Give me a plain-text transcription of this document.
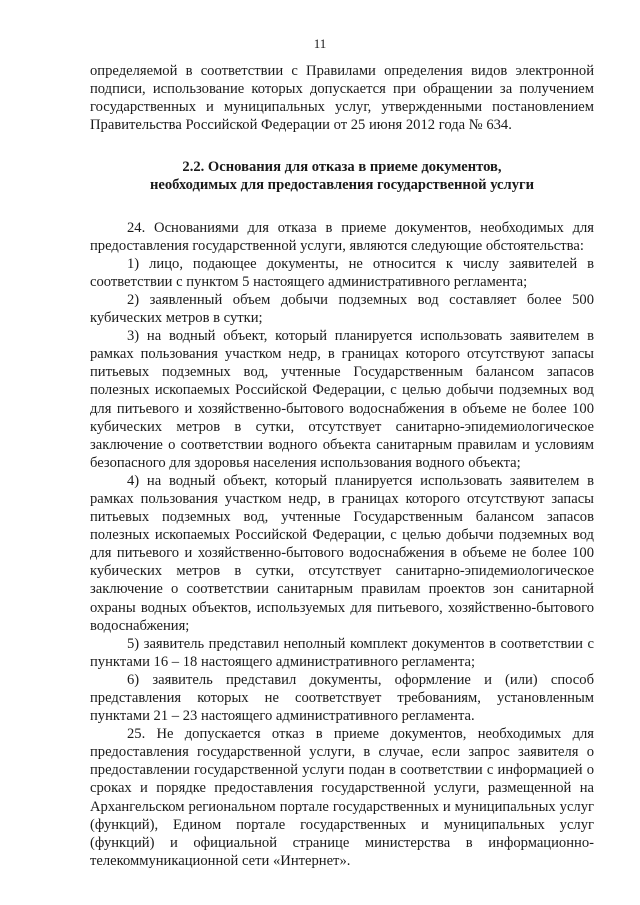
11

определяемой в соответствии с Правилами определения видов электронной подписи, использование которых допускается при обращении за получением государственных и муниципальных услуг, утвержденными постановлением Правительства Российской Федерации от 25 июня 2012 года № 634.

2.2. Основания для отказа в приеме документов,
необходимых для предоставления государственной услуги

24. Основаниями для отказа в приеме документов, необходимых для предоставления государственной услуги, являются следующие обстоятельства:

1) лицо, подающее документы, не относится к числу заявителей в соответствии с пунктом 5 настоящего административного регламента;

2) заявленный объем добычи подземных вод составляет более 500 кубических метров в сутки;

3) на водный объект, который планируется использовать заявителем в рамках пользования участком недр, в границах которого отсутствуют запасы питьевых подземных вод, учтенные Государственным балансом запасов полезных ископаемых Российской Федерации, с целью добычи подземных вод для питьевого и хозяйственно-бытового водоснабжения в объеме не более 100 кубических метров в сутки, отсутствует санитарно-эпидемиологическое заключение о соответствии водного объекта санитарным правилам и условиям безопасного для здоровья населения использования водного объекта;

4) на водный объект, который планируется использовать заявителем в рамках пользования участком недр, в границах которого отсутствуют запасы питьевых подземных вод, учтенные Государственным балансом запасов полезных ископаемых Российской Федерации, с целью добычи подземных вод для питьевого и хозяйственно-бытового водоснабжения в объеме не более 100 кубических метров в сутки, отсутствует санитарно-эпидемиологическое заключение о соответствии санитарным правилам проектов зон санитарной охраны водных объектов, используемых для питьевого, хозяйственно-бытового водоснабжения;

5) заявитель представил неполный комплект документов в соответствии с пунктами 16 – 18 настоящего административного регламента;

6) заявитель представил документы, оформление и (или) способ представления которых не соответствует требованиям, установленным пунктами 21 – 23 настоящего административного регламента.

25. Не допускается отказ в приеме документов, необходимых для предоставления государственной услуги, в случае, если запрос заявителя о предоставлении государственной услуги подан в соответствии с информацией о сроках и порядке предоставления государственной услуги, размещенной на Архангельском региональном портале государственных и муниципальных услуг (функций), Едином портале государственных и муниципальных услуг (функций) и официальной странице министерства в информационно-телекоммуникационной сети «Интернет».
